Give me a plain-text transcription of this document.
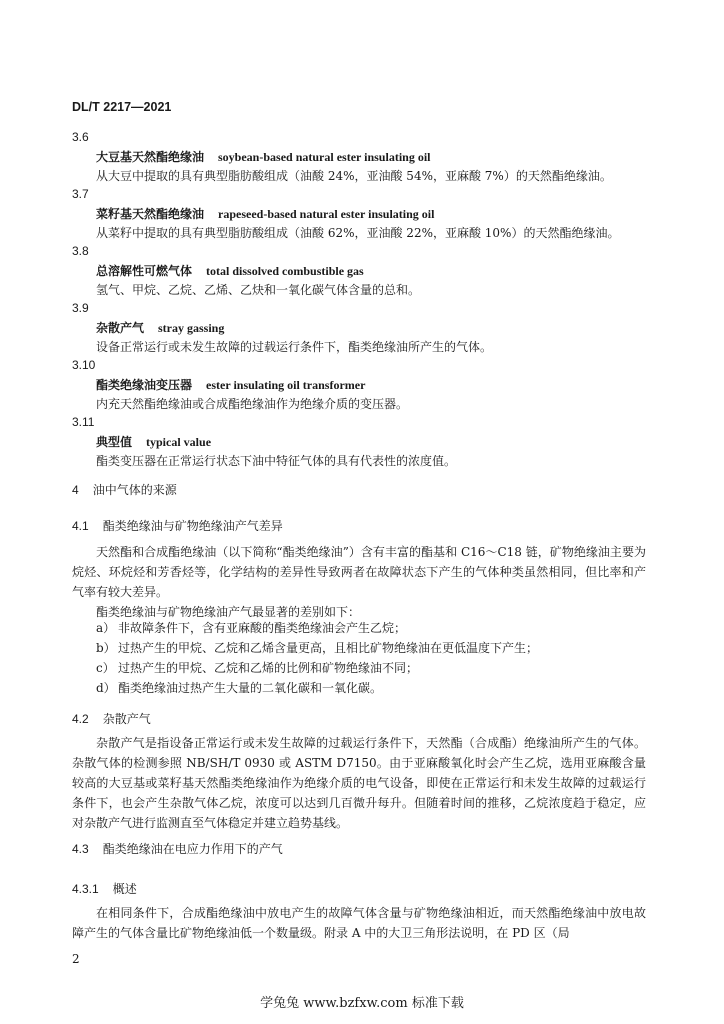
DL/T 2217—2021
3.6
大豆基天然酯绝缘油 soybean-based natural ester insulating oil
从大豆中提取的具有典型脂肪酸组成（油酸 24%，亚油酸 54%，亚麻酸 7%）的天然酯绝缘油。
3.7
菜籽基天然酯绝缘油 rapeseed-based natural ester insulating oil
从菜籽中提取的具有典型脂肪酸组成（油酸 62%，亚油酸 22%，亚麻酸 10%）的天然酯绝缘油。
3.8
总溶解性可燃气体 total dissolved combustible gas
氢气、甲烷、乙烷、乙烯、乙炔和一氧化碳气体含量的总和。
3.9
杂散产气 stray gassing
设备正常运行或未发生故障的过载运行条件下，酯类绝缘油所产生的气体。
3.10
酯类绝缘油变压器 ester insulating oil transformer
内充天然酯绝缘油或合成酯绝缘油作为绝缘介质的变压器。
3.11
典型值 typical value
酯类变压器在正常运行状态下油中特征气体的具有代表性的浓度值。
4 油中气体的来源
4.1 酯类绝缘油与矿物绝缘油产气差异

天然酯和合成酯绝缘油（以下简称“酯类绝缘油”）含有丰富的酯基和 C16～C18 链，矿物绝缘油主要为烷烃、环烷烃和芳香烃等，化学结构的差异性导致两者在故障状态下产生的气体种类虽然相同，但比率和产气率有较大差异。

酯类绝缘油与矿物绝缘油产气最显著的差别如下：

a） 非故障条件下，含有亚麻酸的酯类绝缘油会产生乙烷；
b） 过热产生的甲烷、乙烷和乙烯含量更高，且相比矿物绝缘油在更低温度下产生；
c） 过热产生的甲烷、乙烷和乙烯的比例和矿物绝缘油不同；
d） 酯类绝缘油过热产生大量的二氧化碳和一氧化碳。
4.2 杂散产气

杂散产气是指设备正常运行或未发生故障的过载运行条件下，天然酯（合成酯）绝缘油所产生的气体。杂散气体的检测参照 NB/SH/T 0930 或 ASTM D7150。由于亚麻酸氧化时会产生乙烷，选用亚麻酸含量较高的大豆基或菜籽基天然酯类绝缘油作为绝缘介质的电气设备，即使在正常运行和未发生故障的过载运行条件下，也会产生杂散气体乙烷，浓度可以达到几百微升每升。但随着时间的推移，乙烷浓度趋于稳定，应对杂散产气进行监测直至气体稳定并建立趋势基线。

4.3 酯类绝缘油在电应力作用下的产气
4.3.1 概述

在相同条件下，合成酯绝缘油中放电产生的故障气体含量与矿物绝缘油相近，而天然酯绝缘油中放电故障产生的气体含量比矿物绝缘油低一个数量级。附录 A 中的大卫三角形法说明，在 PD 区（局

2
学兔兔 www.bzfxw.com 标准下载
